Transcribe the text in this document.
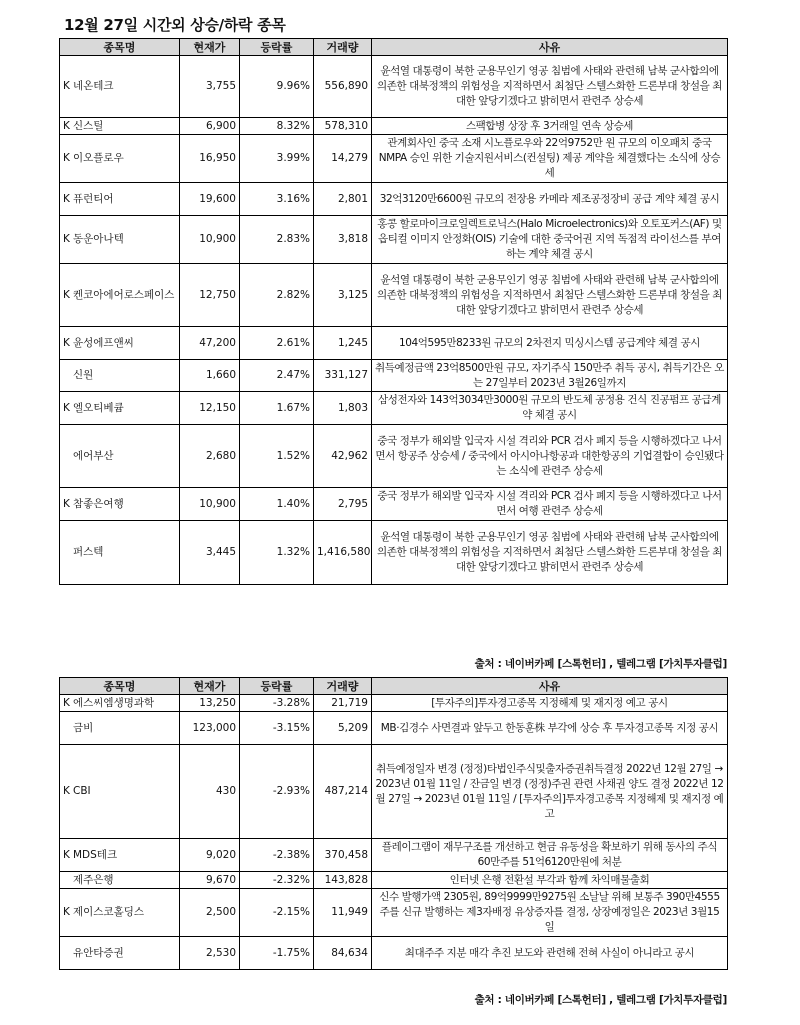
12월 27일 시간외 상승/하락 종목
종목명	현재가	등락률	거래량	사유
K 네온테크	3,755	9.96%	556,890	윤석열 대통령이 북한 군용무인기 영공 침범에 사태와 관련해 남북 군사합의에 의존한 대북정책의 위험성을 지적하면서 최첨단 스텔스화한 드론부대 창설을 최대한 앞당기겠다고 밝히면서 관련주 상승세
K 신스틸	6,900	8.32%	578,310	스팩합병 상장 후 3거래일 연속 상승세
K 이오플로우	16,950	3.99%	14,279	관계회사인 중국 소재 시노플로우와 22억9752만 원 규모의 이오패치 중국 NMPA 승인 위한 기술지원서비스(컨설팅) 제공 계약을 체결했다는 소식에 상승세
K 퓨런티어	19,600	3.16%	2,801	32억3120만6600원 규모의 전장용 카메라 제조공정장비 공급 계약 체결 공시
K 동운아나텍	10,900	2.83%	3,818	홍콩 할로마이크로일렉트로닉스(Halo Microelectronics)와 오토포커스(AF) 및 옵티컬 이미지 안정화(OIS) 기술에 대한 중국어권 지역 독점적 라이선스를 부여하는 계약 체결 공시
K 켄코아에어로스페이스	12,750	2.82%	3,125	윤석열 대통령이 북한 군용무인기 영공 침범에 사태와 관련해 남북 군사합의에 의존한 대북정책의 위험성을 지적하면서 최첨단 스텔스화한 드론부대 창설을 최대한 앞당기겠다고 밝히면서 관련주 상승세
K 윤성에프앤씨	47,200	2.61%	1,245	104억595만8233원 규모의 2차전지 믹싱시스템 공급계약 체결 공시
신원	1,660	2.47%	331,127	취득예정금액 23억8500만원 규모, 자기주식 150만주 취득 공시, 취득기간은 오는 27일부터 2023년 3월26일까지
K 엘오티베큠	12,150	1.67%	1,803	삼성전자와 143억3034만3000원 규모의 반도체 공정용 건식 진공펌프 공급계약 체결 공시
에어부산	2,680	1.52%	42,962	중국 정부가 해외발 입국자 시설 격리와 PCR 검사 폐지 등을 시행하겠다고 나서면서 항공주 상승세 / 중국에서 아시아나항공과 대한항공의 기업결합이 승인됐다는 소식에 관련주 상승세
K 참좋은여행	10,900	1.40%	2,795	중국 정부가 해외발 입국자 시설 격리와 PCR 검사 폐지 등을 시행하겠다고 나서면서 여행 관련주 상승세
퍼스텍	3,445	1.32%	1,416,580	윤석열 대통령이 북한 군용무인기 영공 침범에 사태와 관련해 남북 군사합의에 의존한 대북정책의 위험성을 지적하면서 최첨단 스텔스화한 드론부대 창설을 최대한 앞당기겠다고 밝히면서 관련주 상승세
출처 : 네이버카페 [스톡헌터] , 텔레그램 [가치투자클럽]
종목명	현재가	등락률	거래량	사유
K 에스씨엠생명과학	13,250	-3.28%	21,719	[투자주의]투자경고종목 지정해제 및 재지정 예고 공시
금비	123,000	-3.15%	5,209	MB·김경수 사면결과 앞두고 한동훈株 부각에 상승 후 투자경고종목 지정 공시
K CBI	430	-2.93%	487,214	취득예정일자 변경 (정정)타법인주식및출자증권취득결정 2022년 12월 27일 → 2023년 01월 11일 / 잔금일 변경 (정정)주권 관련 사채권 양도 결정 2022년 12월 27일 → 2023년 01월 11일 / [투자주의]투자경고종목 지정해제 및 재지정 예고
K MDS테크	9,020	-2.38%	370,458	플레이그램이 재무구조를 개선하고 현금 유동성을 확보하기 위해 동사의 주식 60만주를 51억6120만원에 처분
제주은행	9,670	-2.32%	143,828	인터넷 은행 전환설 부각과 함께 차익매물출회
K 제이스코홀딩스	2,500	-2.15%	11,949	신수 발행가액 2305원, 89억9999만9275원 소날날 위해 보통주 390만4555주를 신규 발행하는 제3자배정 유상증자를 결정, 상장예정일은 2023년 3월15일
유안타증권	2,530	-1.75%	84,634	최대주주 지분 매각 추진 보도와 관련해 전혀 사실이 아니라고 공시
출처 : 네이버카페 [스톡헌터] , 텔레그램 [가치투자클럽]
